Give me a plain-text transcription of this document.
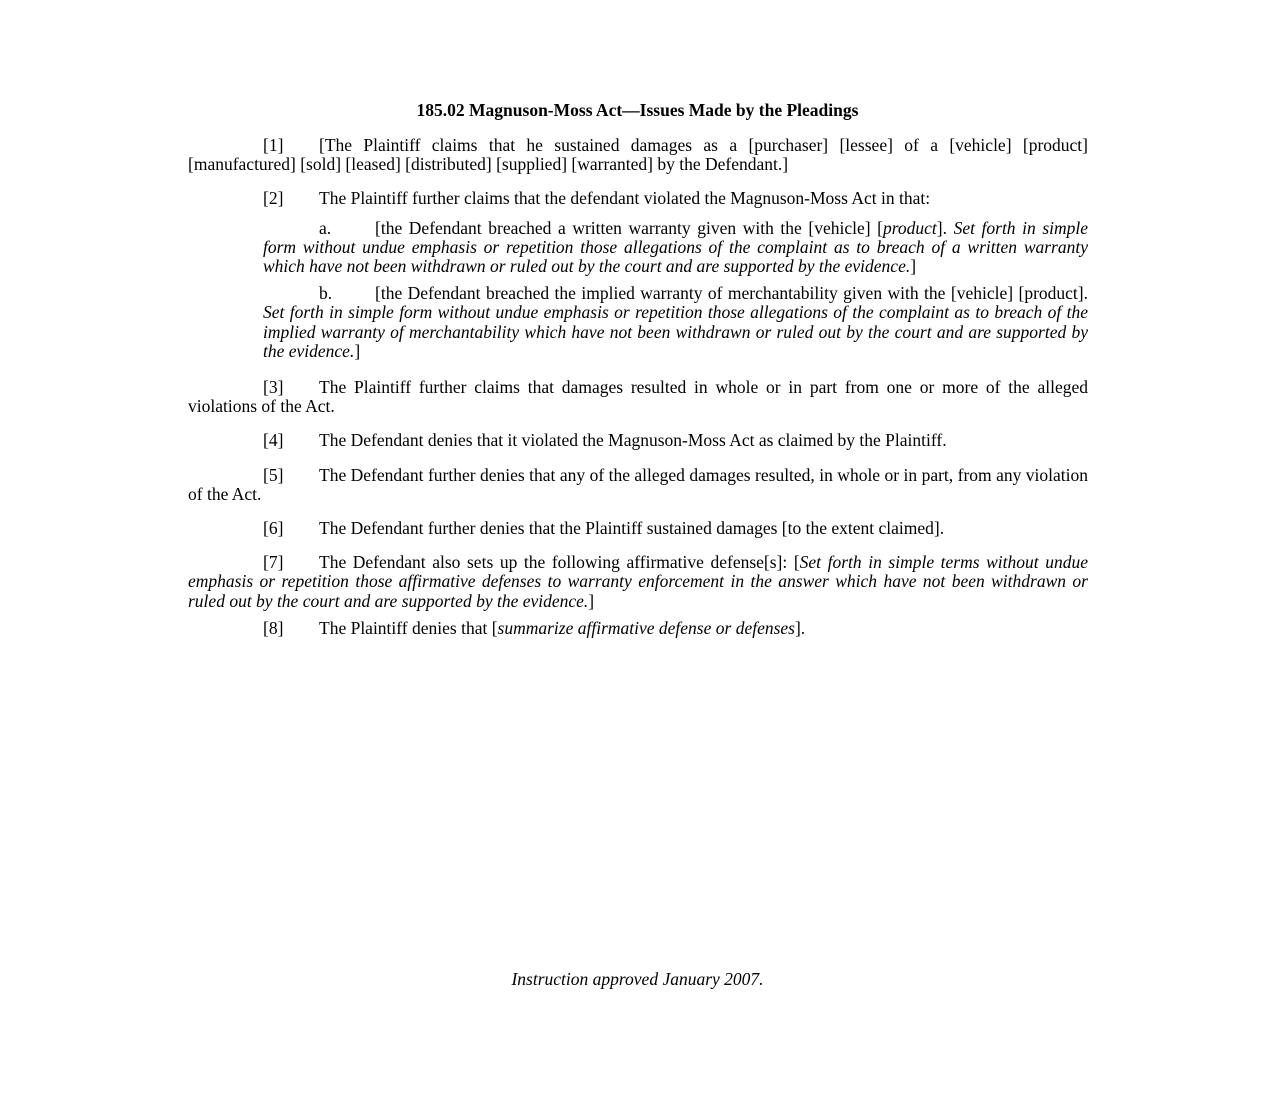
185.02 Magnuson-Moss Act—Issues Made by the Pleadings

[1] [The Plaintiff claims that he sustained damages as a [purchaser] [lessee] of a [vehicle] [product] [manufactured] [sold] [leased] [distributed] [supplied] [warranted] by the Defendant.]

[2] The Plaintiff further claims that the defendant violated the Magnuson-Moss Act in that:

a.	[the Defendant breached a written warranty given with the [vehicle] [product]. Set forth in simple form without undue emphasis or repetition those allegations of the complaint as to breach of a written warranty which have not been withdrawn or ruled out by the court and are supported by the evidence.]

b. [the Defendant breached the implied warranty of merchantability given with the [vehicle] [product]. Set forth in simple form without undue emphasis or repetition those allegations of the complaint as to breach of the implied warranty of merchantability which have not been withdrawn or ruled out by the court and are supported by the evidence.]

[3] The Plaintiff further claims that damages resulted in whole or in part from one or more of the alleged violations of the Act.

[4] The Defendant denies that it violated the Magnuson-Moss Act as claimed by the Plaintiff.

[5] The Defendant further denies that any of the alleged damages resulted, in whole or in part, from any violation of the Act.

[6] The Defendant further denies that the Plaintiff sustained damages [to the extent claimed].

[7] The Defendant also sets up the following affirmative defense[s]: [Set forth in simple terms without undue emphasis or repetition those affirmative defenses to warranty enforcement in the answer which have not been withdrawn or ruled out by the court and are supported by the evidence.]

[8] The Plaintiff denies that [summarize affirmative defense or defenses].

Instruction approved January 2007.
